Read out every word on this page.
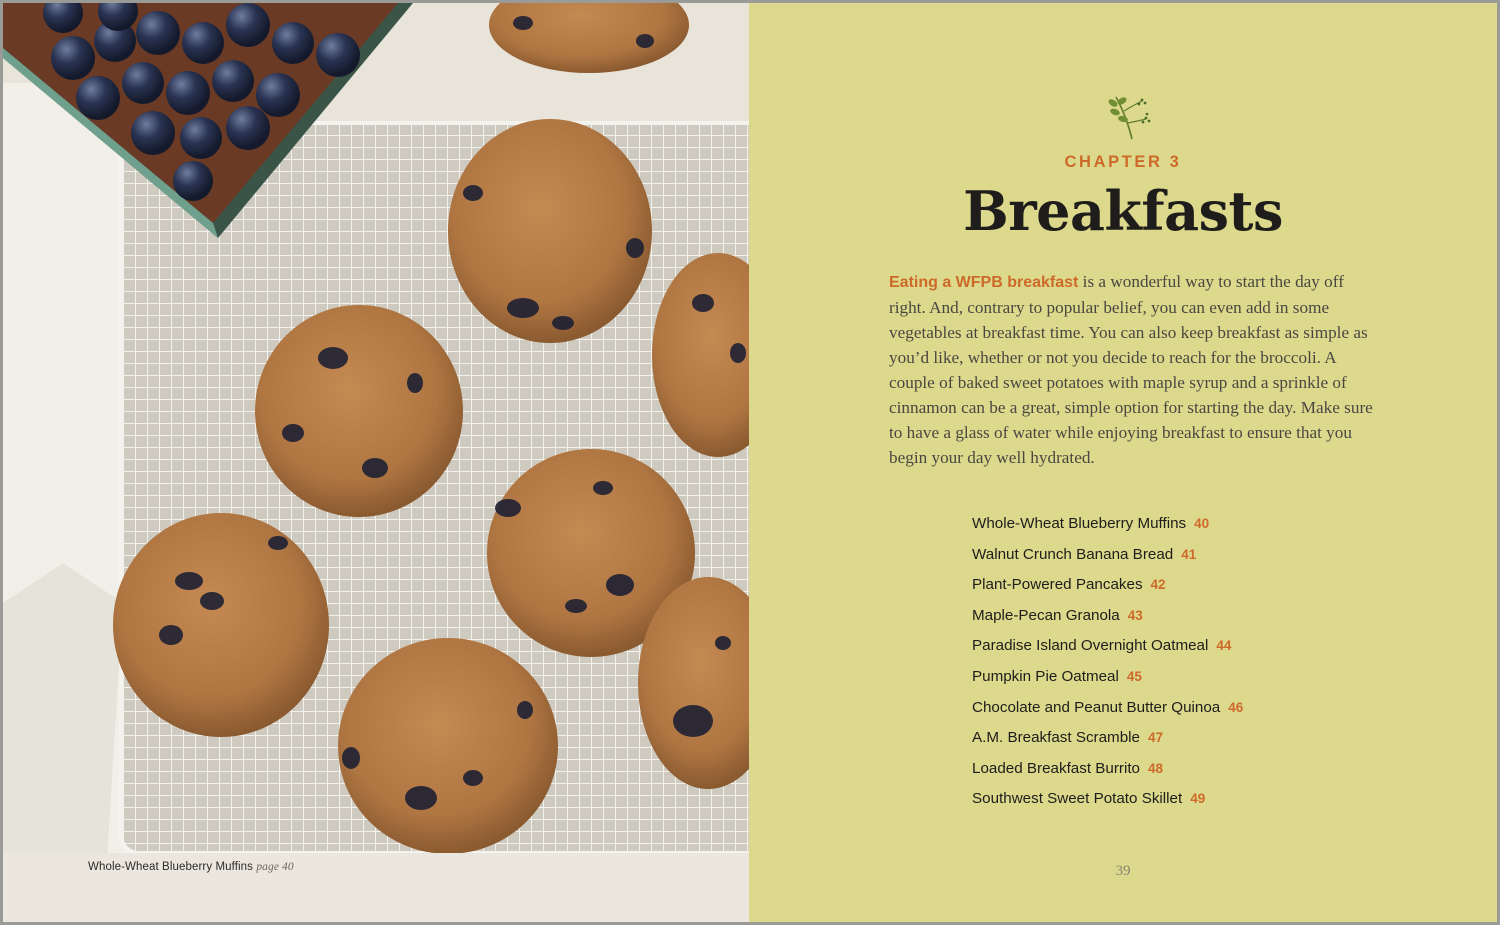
Whole-Wheat Blueberry Muffins page 40
CHAPTER 3
Breakfasts

Eating a WFPB breakfast is a wonderful way to start the day off right. And, contrary to popular belief, you can even add in some vegetables at breakfast time. You can also keep breakfast as simple as you’d like, whether or not you decide to reach for the broccoli. A couple of baked sweet potatoes with maple syrup and a sprinkle of cinnamon can be a great, simple option for starting the day. Make sure to have a glass of water while enjoying breakfast to ensure that you begin your day well hydrated.

Whole-Wheat Blueberry Muffins 40
Walnut Crunch Banana Bread 41
Plant-Powered Pancakes 42
Maple-Pecan Granola 43
Paradise Island Overnight Oatmeal 44
Pumpkin Pie Oatmeal 45
Chocolate and Peanut Butter Quinoa 46
A.M. Breakfast Scramble 47
Loaded Breakfast Burrito 48
Southwest Sweet Potato Skillet 49
39
